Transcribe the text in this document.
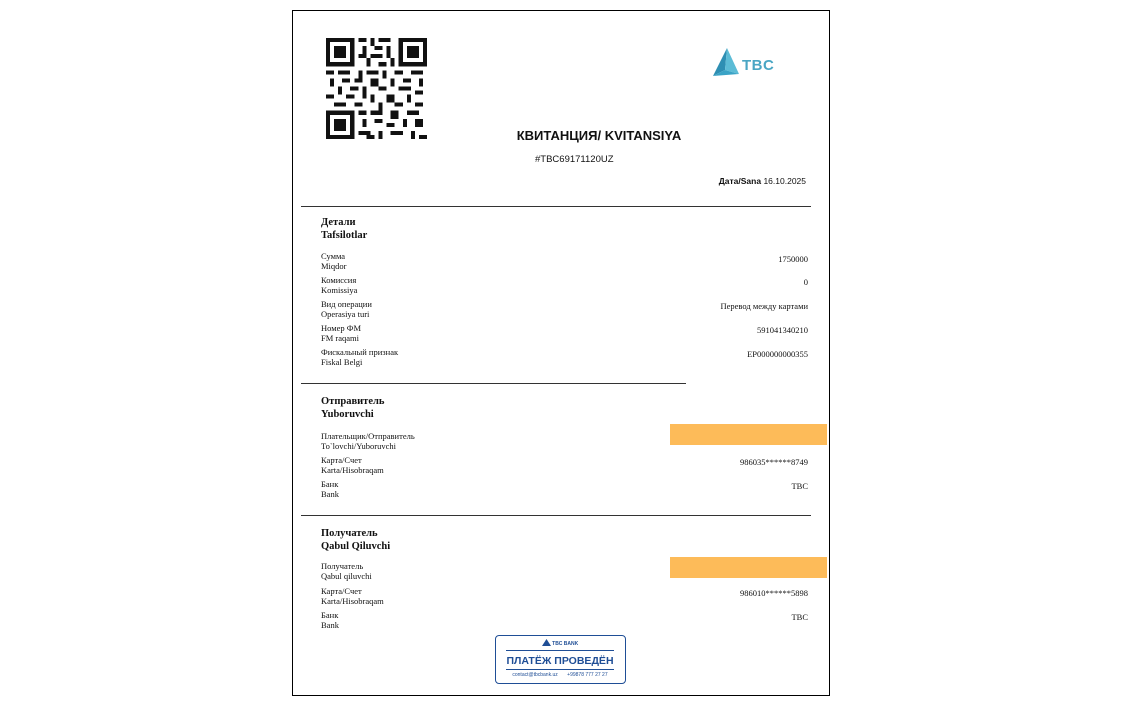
TBC
КВИТАНЦИЯ/ KVITANSIYA
#TBC69171120UZ
Дата/Sana 16.10.2025
Детали
Tafsilotlar
Сумма
Miqdor
1750000
Комиссия
Komissiya
0
Вид операции
Operasiya turi
Перевод между картами
Номер ФМ
FM raqami
591041340210
Фискальный признак
Fiskal Belgi
EP000000000355
Отправитель
Yuboruvchi
Плательщик/Отправитель
To`lovchi/Yuboruvchi
Карта/Счет
Karta/Hisobraqam
986035******8749
Банк
Bank
TBC
Получатель
Qabul Qiluvchi
Получатель
Qabul qiluvchi
Карта/Счет
Karta/Hisobraqam
986010******5898
Банк
Bank
TBC
TBC BANK
ПЛАТЁЖ ПРОВЕДЁН
contact@tbcbank.uz +99878 777 27 27
